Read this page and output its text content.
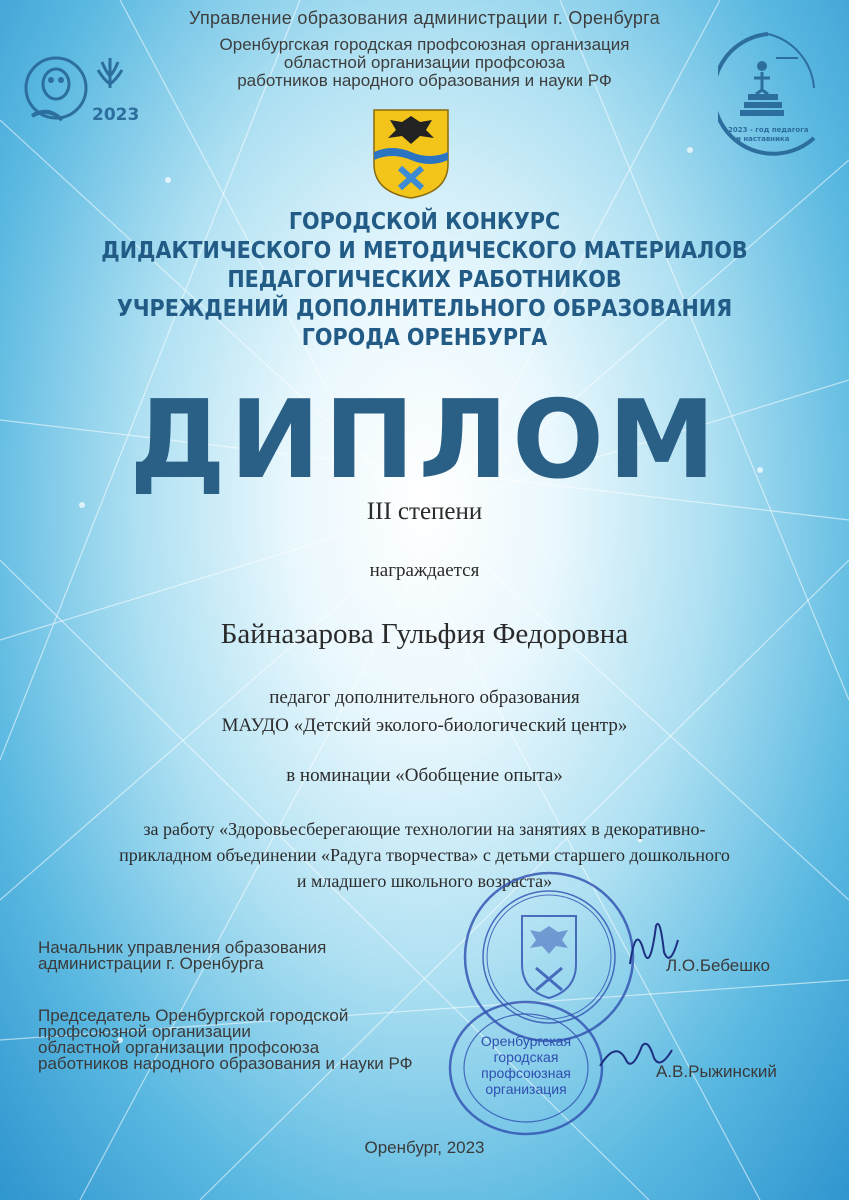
Управление образования администрации г. Оренбурга
Оренбургская городская профсоюзная организация
областной организации профсоюза
работников народного образования и науки РФ
2023
2023 - год педагога
и наставника
ГОРОДСКОЙ КОНКУРС
ДИДАКТИЧЕСКОГО И МЕТОДИЧЕСКОГО МАТЕРИАЛОВ
ПЕДАГОГИЧЕСКИХ РАБОТНИКОВ
УЧРЕЖДЕНИЙ ДОПОЛНИТЕЛЬНОГО ОБРАЗОВАНИЯ
ГОРОДА ОРЕНБУРГА
ДИПЛОМ
III степени
награждается
Байназарова Гульфия Федоровна
педагог дополнительного образования
МАУДО «Детский эколого-биологический центр»
в номинации «Обобщение опыта»
за работу «Здоровьесберегающие технологии на занятиях в декоративно-
прикладном объединении «Радуга творчества» с детьми старшего дошкольного
и младшего школьного возраста»
Начальник управления образования
администрации г. Оренбурга
Председатель Оренбургской городской
профсоюзной организации
областной организации профсоюза
работников народного образования и науки РФ
Л.О.Бебешко
Оренбургская
городская
профсоюзная
организация
А.В.Рыжинский
Оренбург, 2023
